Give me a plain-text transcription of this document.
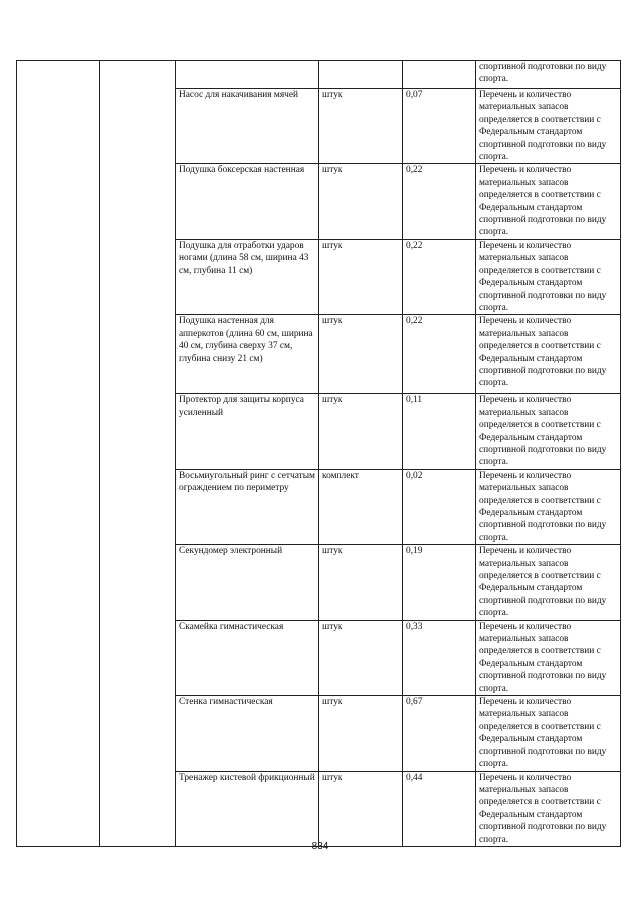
					спортивной подготовки по виду спорта.
		Насос для накачивания мячей	штук	0,07	Перечень и количество материальных запасов определяется в соответствии с Федеральным стандартом спортивной подготовки по виду спорта.
		Подушка боксерская настенная	штук	0,22	Перечень и количество материальных запасов определяется в соответствии с Федеральным стандартом спортивной подготовки по виду спорта.
		Подушка для отработки ударов ногами (длина 58 см, ширина 43 см, глубина 11 см)	штук	0,22	Перечень и количество материальных запасов определяется в соответствии с Федеральным стандартом спортивной подготовки по виду спорта.
		Подушка настенная для апперкотов (длина 60 см, ширина 40 см, глубина сверху 37 см, глубина снизу 21 см)	штук	0,22	Перечень и количество материальных запасов определяется в соответствии с Федеральным стандартом спортивной подготовки по виду спорта.
		Протектор для защиты корпуса усиленный	штук	0,11	Перечень и количество материальных запасов определяется в соответствии с Федеральным стандартом спортивной подготовки по виду спорта.
		Восьмиугольный ринг с сетчатым ограждением по периметру	комплект	0,02	Перечень и количество материальных запасов определяется в соответствии с Федеральным стандартом спортивной подготовки по виду спорта.
		Секундомер электронный	штук	0,19	Перечень и количество материальных запасов определяется в соответствии с Федеральным стандартом спортивной подготовки по виду спорта.
		Скамейка гимнастическая	штук	0,33	Перечень и количество материальных запасов определяется в соответствии с Федеральным стандартом спортивной подготовки по виду спорта.
		Стенка гимнастическая	штук	0,67	Перечень и количество материальных запасов определяется в соответствии с Федеральным стандартом спортивной подготовки по виду спорта.
		Тренажер кистевой фрикционный	штук	0,44	Перечень и количество материальных запасов определяется в соответствии с Федеральным стандартом спортивной подготовки по виду спорта.
834
